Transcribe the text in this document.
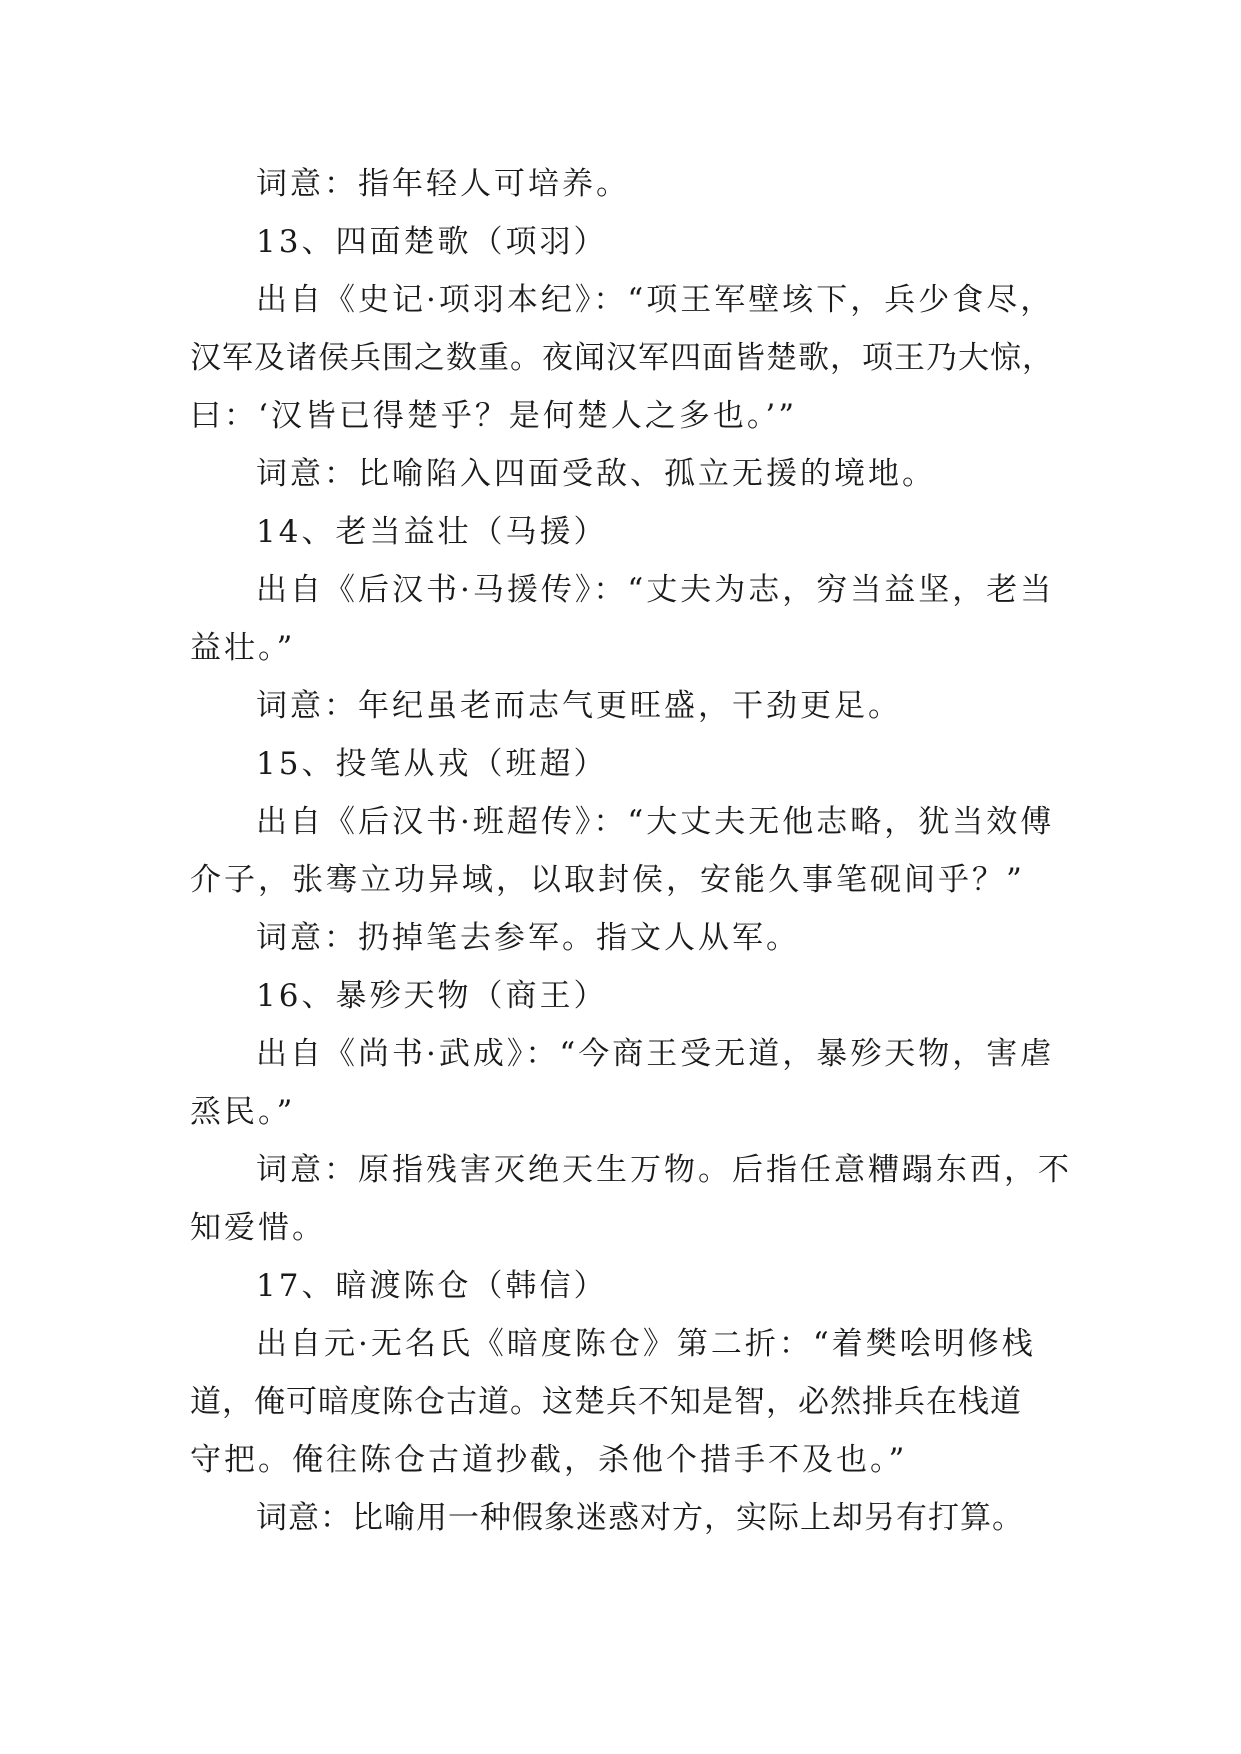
词意：指年轻人可培养。
13、四面楚歌（项羽）
出自《史记·项羽本纪》：“项王军壁垓下，兵少食尽，
汉军及诸侯兵围之数重。夜闻汉军四面皆楚歌，项王乃大惊，
曰：‘汉皆已得楚乎？是何楚人之多也。’”
词意：比喻陷入四面受敌、孤立无援的境地。
14、老当益壮（马援）
出自《后汉书·马援传》：“丈夫为志，穷当益坚，老当
益壮。”
词意：年纪虽老而志气更旺盛，干劲更足。
15、投笔从戎（班超）
出自《后汉书·班超传》：“大丈夫无他志略，犹当效傅
介子，张骞立功异域，以取封侯，安能久事笔砚间乎？”
词意：扔掉笔去参军。指文人从军。
16、暴殄天物（商王）
出自《尚书·武成》：“今商王受无道，暴殄天物，害虐
烝民。”
词意：原指残害灭绝天生万物。后指任意糟蹋东西，不
知爱惜。
17、暗渡陈仓（韩信）
出自元·无名氏《暗度陈仓》第二折：“着樊哙明修栈
道，俺可暗度陈仓古道。这楚兵不知是智，必然排兵在栈道
守把。俺往陈仓古道抄截，杀他个措手不及也。”
词意：比喻用一种假象迷惑对方，实际上却另有打算。
